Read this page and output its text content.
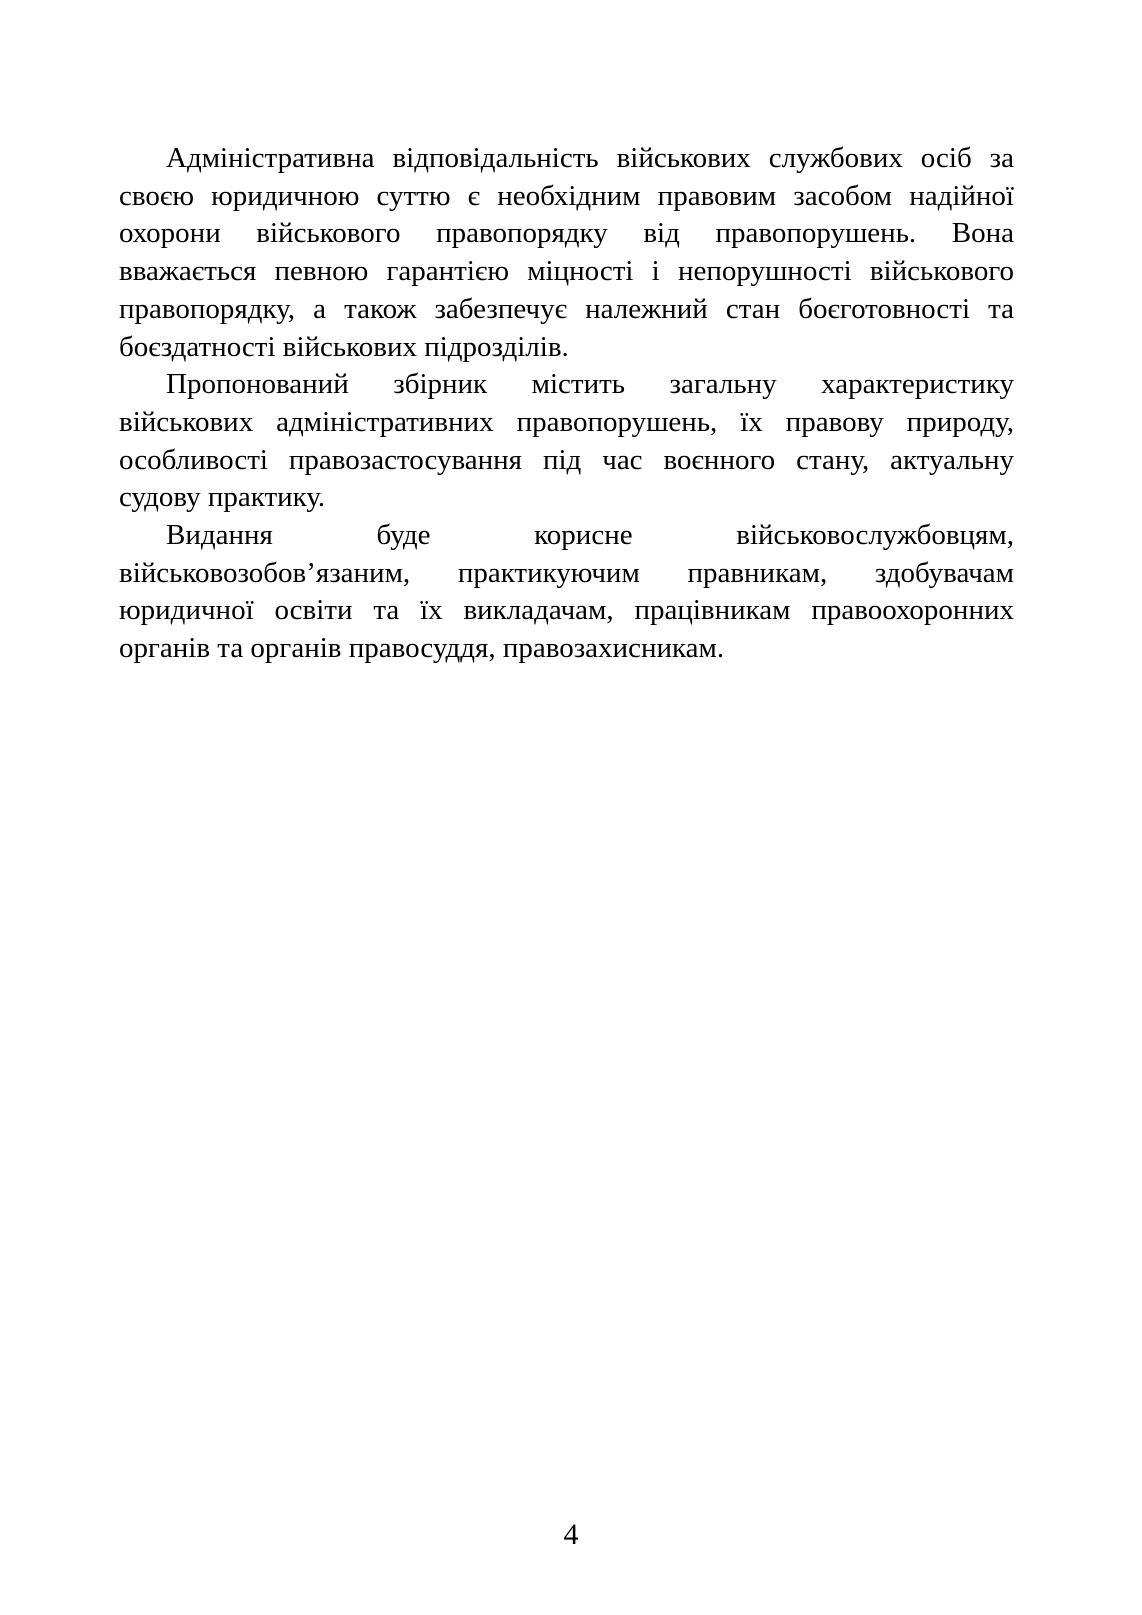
Адміністративна відповідальність військових службових осіб за
своєю юридичною суттю є необхідним правовим засобом надійної
охорони військового правопорядку від правопорушень. Вона
вважається певною гарантією міцності і непорушності військового
правопорядку, а також забезпечує належний стан боєготовності та
боєздатності військових підрозділів.
Пропонований збірник містить загальну характеристику
військових адміністративних правопорушень, їх правову природу,
особливості правозастосування під час воєнного стану, актуальну
судову практику.
Видання буде корисне військовослужбовцям,
військовозобов’язаним, практикуючим правникам, здобувачам
юридичної освіти та їх викладачам, працівникам правоохоронних
органів та органів правосуддя, правозахисникам.
4
